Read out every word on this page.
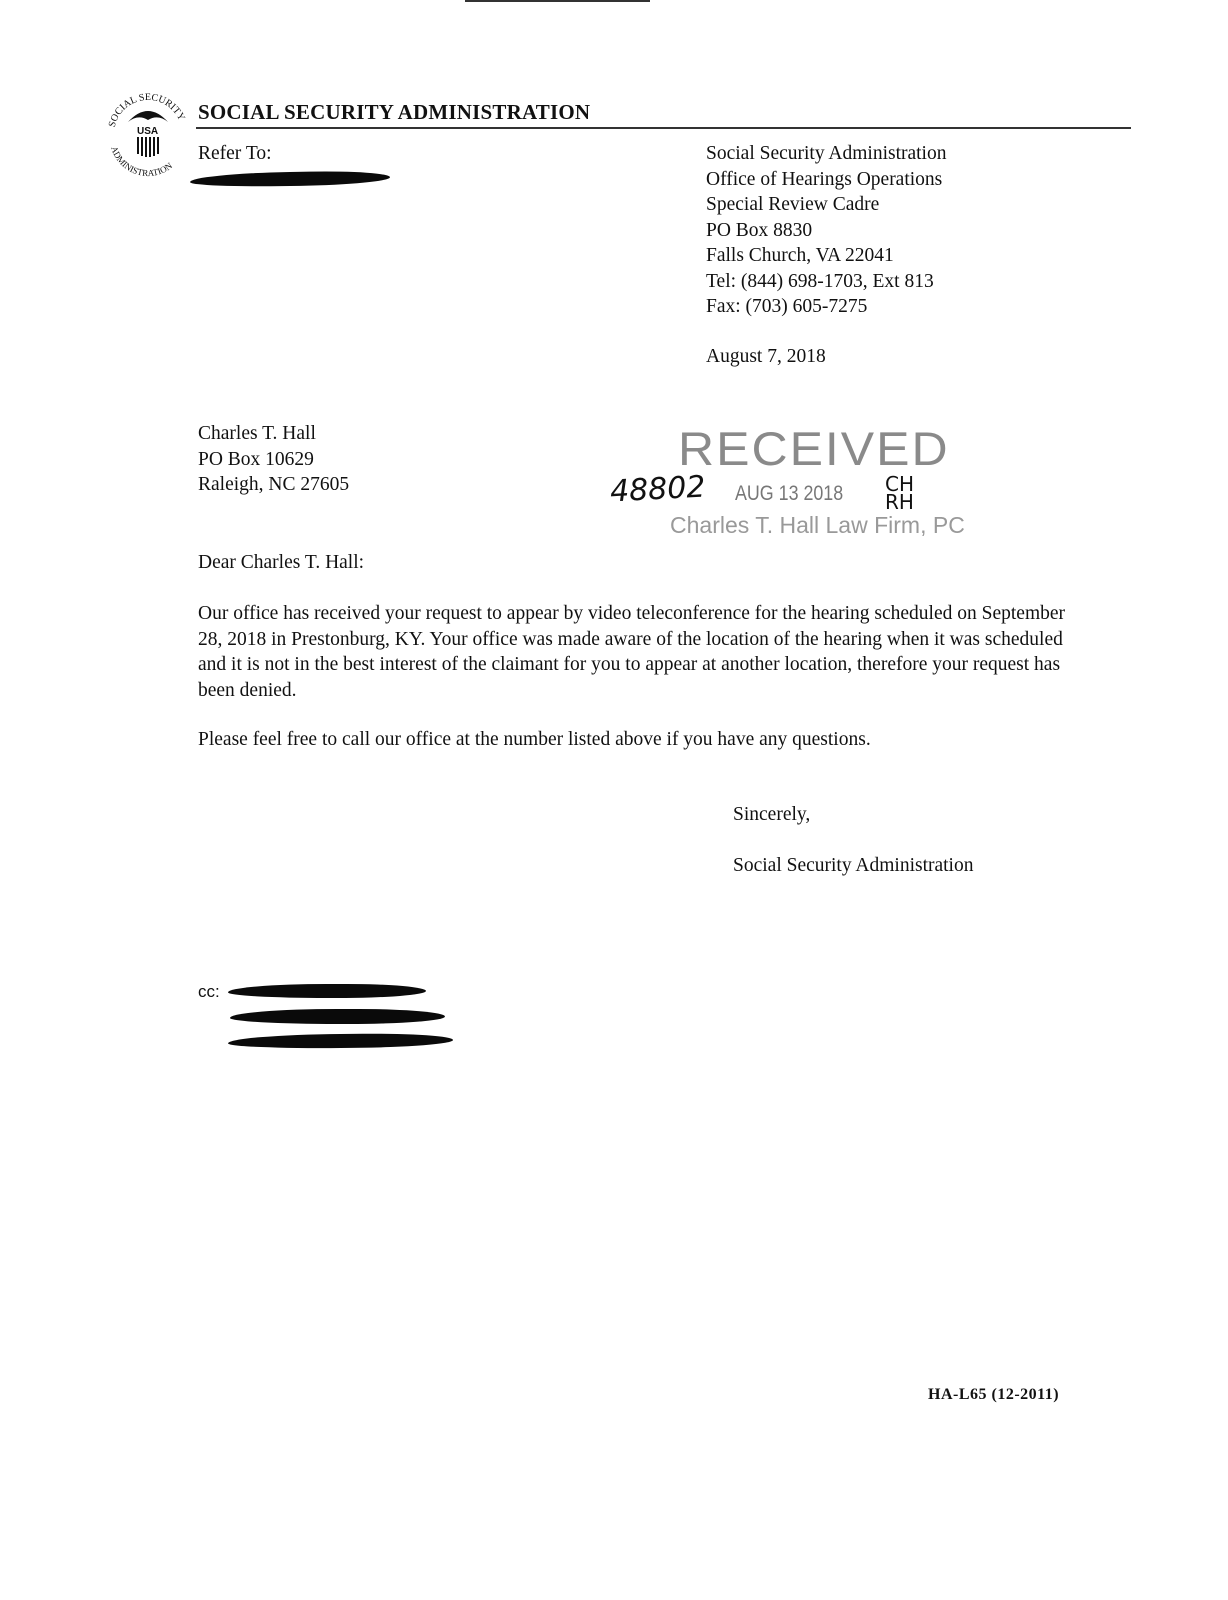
SOCIAL SECURITY
ADMINISTRATION
USA
SOCIAL SECURITY ADMINISTRATION
Refer To:	Social Security Administration
Office of Hearings Operations
Special Review Cadre
PO Box 8830
Falls Church, VA 22041
Tel: (844) 698-1703, Ext 813
Fax: (703) 605-7275
August 7, 2018
Charles T. Hall
PO Box 10629
Raleigh, NC 27605
RECEIVED
48802 AUG 13 2018 CH
RH
Charles T. Hall Law Firm, PC
Dear Charles T. Hall:
Our office has received your request to appear by video teleconference for the hearing scheduled on September 28, 2018 in Prestonburg, KY. Your office was made aware of the location of the hearing when it was scheduled and it is not in the best interest of the claimant for you to appear at another location, therefore your request has been denied.
Please feel free to call our office at the number listed above if you have any questions.
Sincerely,
Social Security Administration
cc:
HA-L65 (12-2011)
